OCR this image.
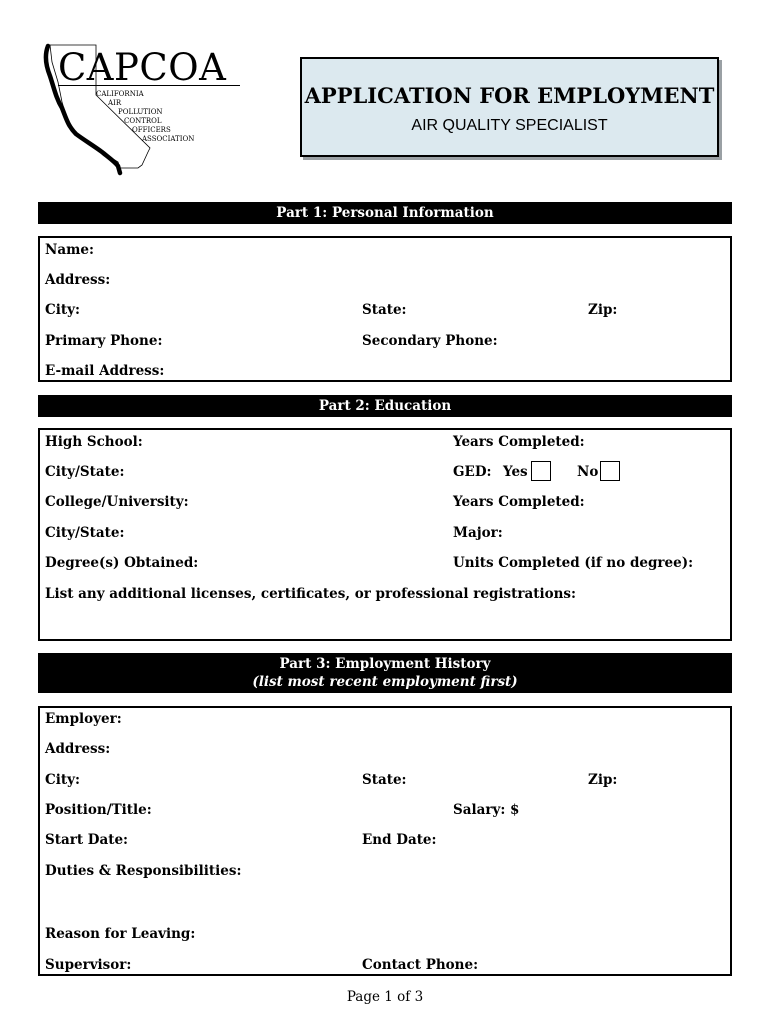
CAPCOA
CALIFORNIA
AIR
POLLUTION
CONTROL
OFFICERS
ASSOCIATION
APPLICATION FOR EMPLOYMENT
AIR QUALITY SPECIALIST
Part 1: Personal Information
Name:
Address:
City:	State:	Zip:
Primary Phone:	Secondary Phone:
E-mail Address:
Part 2: Education
High School:	Years Completed:
City/State:	GED: Yes	No
College/University:	Years Completed:
City/State:	Major:
Degree(s) Obtained:	Units Completed (if no degree):
List any additional licenses, certificates, or professional registrations:
Part 3: Employment History
(list most recent employment first)
Employer:
Address:
City:	State:	Zip:
Position/Title:	Salary: $
Start Date:	End Date:
Duties & Responsibilities:
Reason for Leaving:
Supervisor:	Contact Phone:
Page 1 of 3
